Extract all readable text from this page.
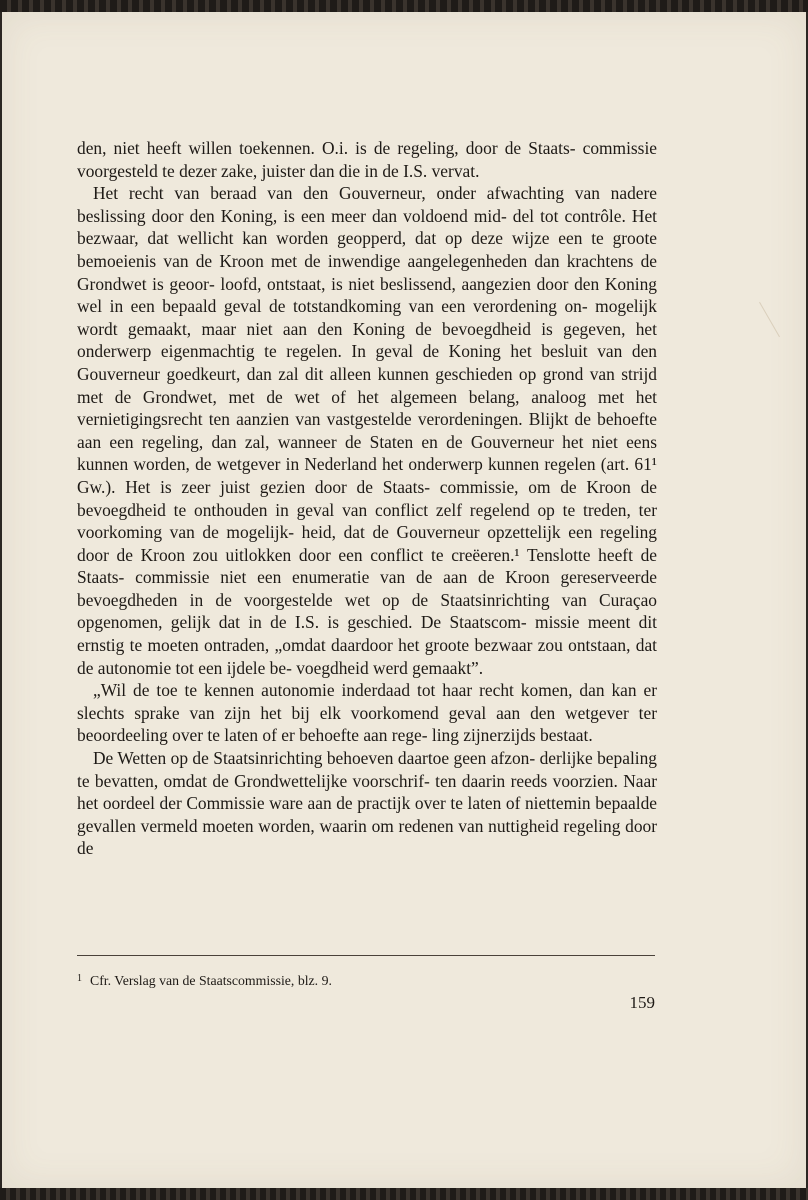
den, niet heeft willen toekennen. O.i. is de regeling, door de Staats‑ commissie voorgesteld te dezer zake, juister dan die in de I.S. vervat.

Het recht van beraad van den Gouverneur, onder afwachting van nadere beslissing door den Koning, is een meer dan voldoend mid‑ del tot contrôle. Het bezwaar, dat wellicht kan worden geopperd, dat op deze wijze een te groote bemoeienis van de Kroon met de inwendige aangelegenheden dan krachtens de Grondwet is geoor‑ loofd, ontstaat, is niet beslissend, aangezien door den Koning wel in een bepaald geval de totstandkoming van een verordening on‑ mogelijk wordt gemaakt, maar niet aan den Koning de bevoegdheid is gegeven, het onderwerp eigenmachtig te regelen. In geval de Koning het besluit van den Gouverneur goedkeurt, dan zal dit alleen kunnen geschieden op grond van strijd met de Grondwet, met de wet of het algemeen belang, analoog met het vernietigingsrecht ten aanzien van vastgestelde verordeningen. Blijkt de behoefte aan een regeling, dan zal, wanneer de Staten en de Gouverneur het niet eens kunnen worden, de wetgever in Nederland het onderwerp kunnen regelen (art. 61¹ Gw.). Het is zeer juist gezien door de Staats‑ commissie, om de Kroon de bevoegdheid te onthouden in geval van conflict zelf regelend op te treden, ter voorkoming van de mogelijk‑ heid, dat de Gouverneur opzettelijk een regeling door de Kroon zou uitlokken door een conflict te creëeren.¹ Tenslotte heeft de Staats‑ commissie niet een enumeratie van de aan de Kroon gereserveerde bevoegdheden in de voorgestelde wet op de Staatsinrichting van Curaçao opgenomen, gelijk dat in de I.S. is geschied. De Staatscom‑ missie meent dit ernstig te moeten ontraden, „omdat daardoor het groote bezwaar zou ontstaan, dat de autonomie tot een ijdele be‑ voegdheid werd gemaakt”.

„Wil de toe te kennen autonomie inderdaad tot haar recht komen, dan kan er slechts sprake van zijn het bij elk voorkomend geval aan den wetgever ter beoordeeling over te laten of er behoefte aan rege‑ ling zijnerzijds bestaat.

De Wetten op de Staatsinrichting behoeven daartoe geen afzon‑ derlijke bepaling te bevatten, omdat de Grondwettelijke voorschrif‑ ten daarin reeds voorzien. Naar het oordeel der Commissie ware aan de practijk over te laten of niettemin bepaalde gevallen vermeld moeten worden, waarin om redenen van nuttigheid regeling door de

$^1$ Cfr. Verslag van de Staatscommissie, blz. 9.
159
